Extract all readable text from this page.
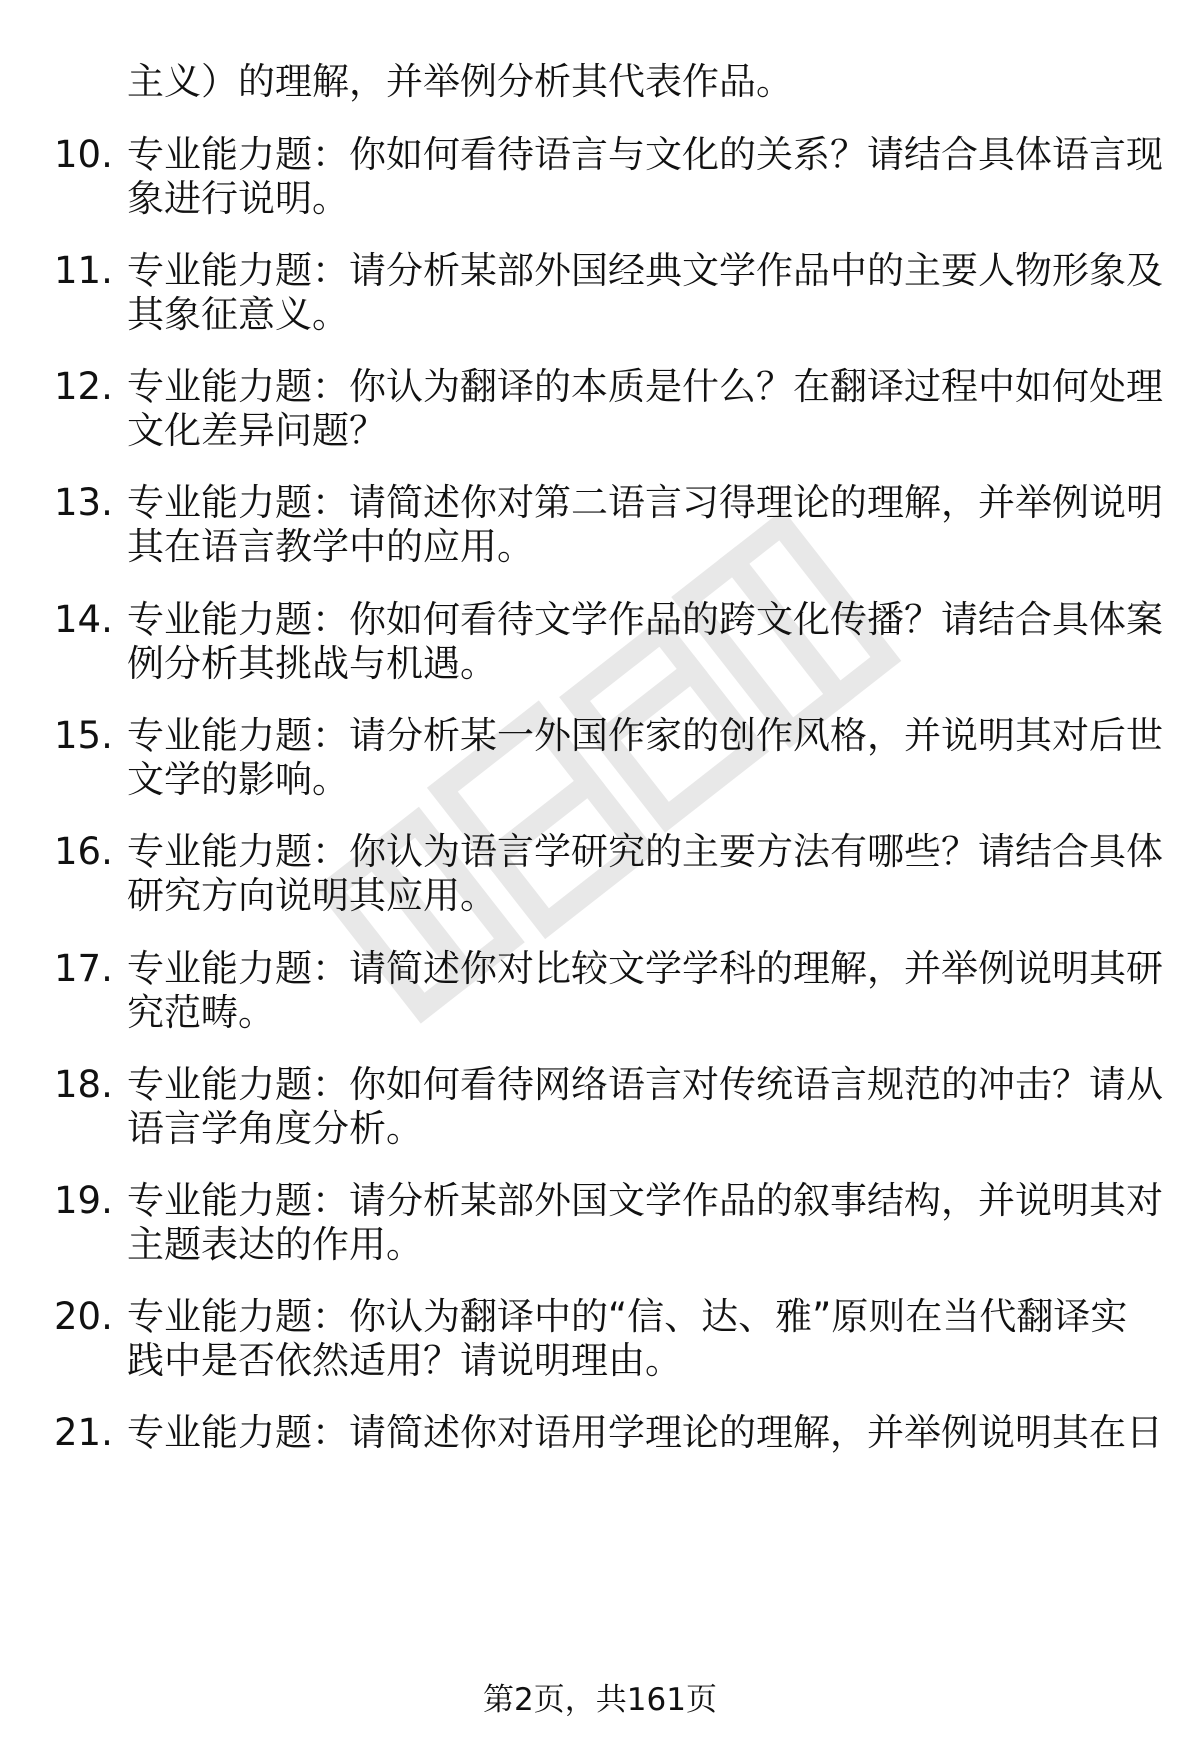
主义）的理解，并举例分析其代表作品。
10. 专业能力题：你如何看待语言与文化的关系？请结合具体语言现
象进行说明。
11. 专业能力题：请分析某部外国经典文学作品中的主要人物形象及
其象征意义。
12. 专业能力题：你认为翻译的本质是什么？在翻译过程中如何处理
文化差异问题？
13. 专业能力题：请简述你对第二语言习得理论的理解，并举例说明
其在语言教学中的应用。
14. 专业能力题：你如何看待文学作品的跨文化传播？请结合具体案
例分析其挑战与机遇。
15. 专业能力题：请分析某一外国作家的创作风格，并说明其对后世
文学的影响。
16. 专业能力题：你认为语言学研究的主要方法有哪些？请结合具体
研究方向说明其应用。
17. 专业能力题：请简述你对比较文学学科的理解，并举例说明其研
究范畴。
18. 专业能力题：你如何看待网络语言对传统语言规范的冲击？请从
语言学角度分析。
19. 专业能力题：请分析某部外国文学作品的叙事结构，并说明其对
主题表达的作用。
20. 专业能力题：你认为翻译中的“信、达、雅”原则在当代翻译实
践中是否依然适用？请说明理由。
21. 专业能力题：请简述你对语用学理论的理解，并举例说明其在日
第2页，共161页
